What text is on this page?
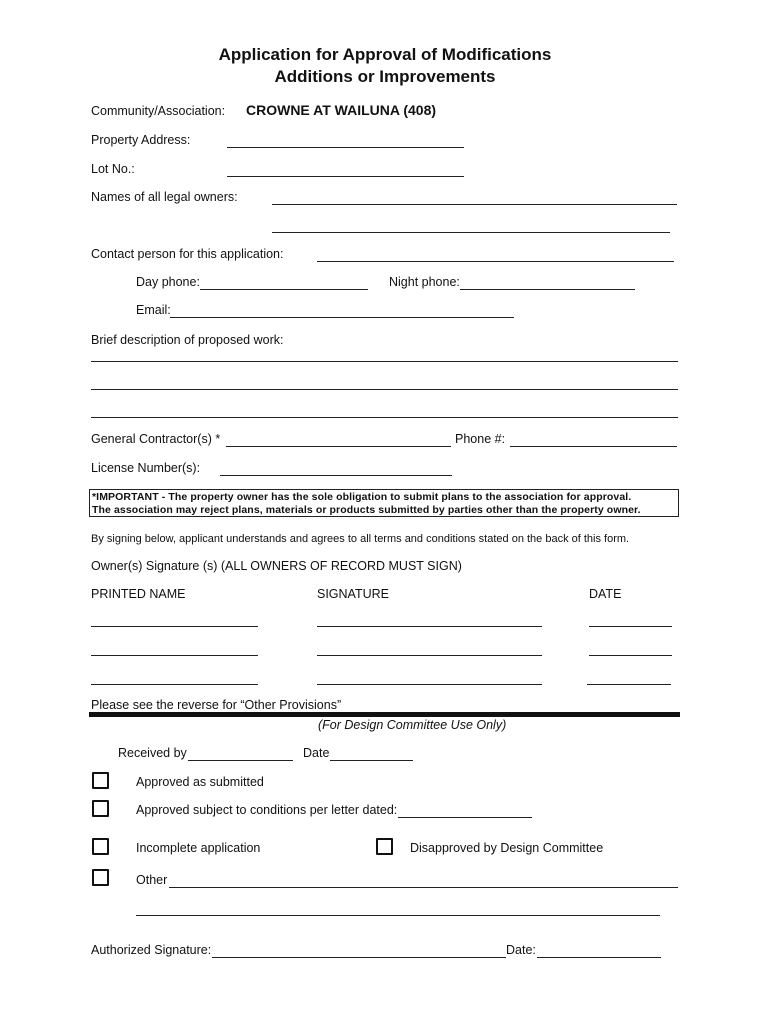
Application for Approval of Modifications
Additions or Improvements
Community/Association: CROWNE AT WAILUNA (408)
Property Address:
Lot No.:
Names of all legal owners:
Contact person for this application:
Day phone:	Night phone:
Email:
Brief description of proposed work:
General Contractor(s) *	Phone #:
License Number(s):
*IMPORTANT - The property owner has the sole obligation to submit plans to the association for approval.
The association may reject plans, materials or products submitted by parties other than the property owner.
By signing below, applicant understands and agrees to all terms and conditions stated on the back of this form.
Owner(s) Signature (s) (ALL OWNERS OF RECORD MUST SIGN)
PRINTED NAME	SIGNATURE	DATE
Please see the reverse for “Other Provisions”
(For Design Committee Use Only)
Received by	Date
Approved as submitted
Approved subject to conditions per letter dated:
Incomplete application	Disapproved by Design Committee
Other
Authorized Signature:	Date:
